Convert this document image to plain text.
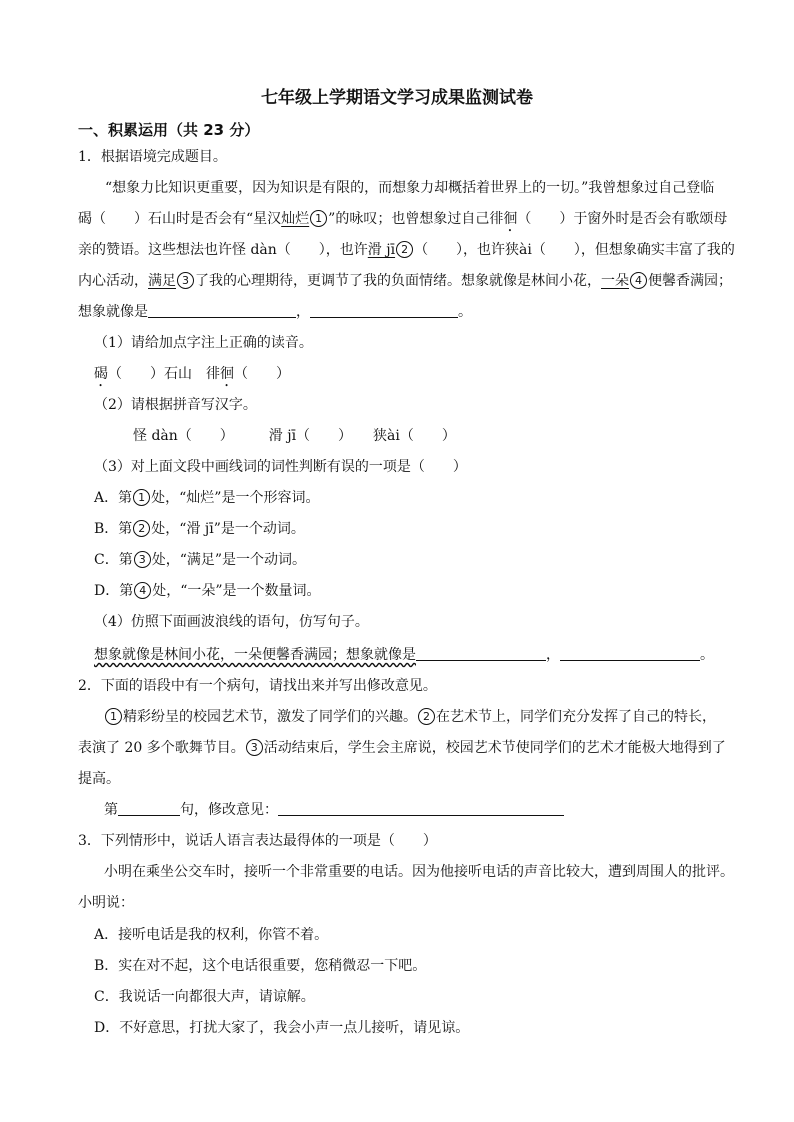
七年级上学期语文学习成果监测试卷
一、积累运用（共 23 分）
1．根据语境完成题目。
“想象力比知识更重要，因为知识是有限的，而想象力却概括着世界上的一切。”我曾想象过自己登临
碣（　　）石山时是否会有“星汉灿烂 1 ”的咏叹；也曾想象过自己徘徊（　　）于窗外时是否会有歌颂母
亲的赞语。这些想法也许怪 dàn（　　），也许滑 jī 2 （　　），也许狭ài（　　），但想象确实丰富了我的
内心活动，满足 3 了我的心理期待，更调节了我的负面情绪。想象就像是林间小花，一朵 4 便馨香满园；
想象就像是	，	。
（1）请给加点字注上正确的读音。
碣（　　）石山　徘徊（　　）
（2）请根据拼音写汉字。
怪 dàn（　　）　　　滑 jī（　　）　　狭ài（　　）
（3）对上面文段中画线词的词性判断有误的一项是（　　）
A．第 1 处，“灿烂”是一个形容词。
B．第 2 处，“滑 jī”是一个动词。
C．第 3 处，“满足”是一个动词。
D．第 4 处，“一朵”是一个数量词。
（4）仿照下面画波浪线的语句，仿写句子。
想象就像是林间小花，一朵便馨香满园；想象就像是	，	。
2．下面的语段中有一个病句，请找出来并写出修改意见。
1 精彩纷呈的校园艺术节，激发了同学们的兴趣。 2 在艺术节上，同学们充分发挥了自己的特长，
表演了 20 多个歌舞节目。 3 活动结束后，学生会主席说，校园艺术节使同学们的艺术才能极大地得到了
提高。
第	句，修改意见：
3．下列情形中，说话人语言表达最得体的一项是（　　）
小明在乘坐公交车时，接听一个非常重要的电话。因为他接听电话的声音比较大，遭到周围人的批评。
小明说：
A．接听电话是我的权利，你管不着。
B．实在对不起，这个电话很重要，您稍微忍一下吧。
C．我说话一向都很大声，请谅解。
D．不好意思，打扰大家了，我会小声一点儿接听，请见谅。
